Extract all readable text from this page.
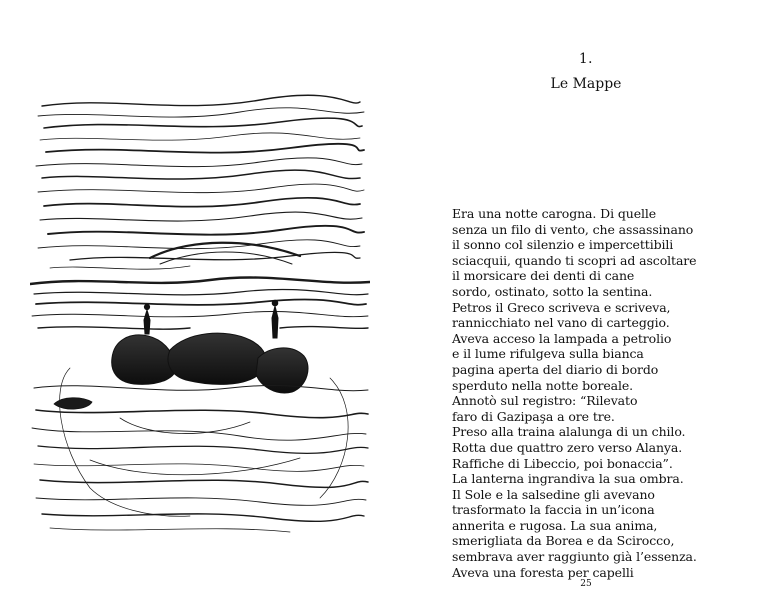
1.
Le Mappe
Era una notte carogna. Di quelle
senza un filo di vento, che assassinano
il sonno col silenzio e impercettibili
sciacquii, quando ti scopri ad ascoltare
il morsicare dei denti di cane
sordo, ostinato, sotto la sentina.
Petros il Greco scriveva e scriveva,
rannicchiato nel vano di carteggio.
Aveva acceso la lampada a petrolio
e il lume rifulgeva sulla bianca
pagina aperta del diario di bordo
sperduto nella notte boreale.
Annotò sul registro: “Rilevato
faro di Gazipaşa a ore tre.
Preso alla traina alalunga di un chilo.
Rotta due quattro zero verso Alanya.
Raffiche di Libeccio, poi bonaccia”.
La lanterna ingrandiva la sua ombra.
Il Sole e la salsedine gli avevano
trasformato la faccia in un’icona
annerita e rugosa. La sua anima,
smerigliata da Borea e da Scirocco,
sembrava aver raggiunto già l’essenza.
Aveva una foresta per capelli
25
